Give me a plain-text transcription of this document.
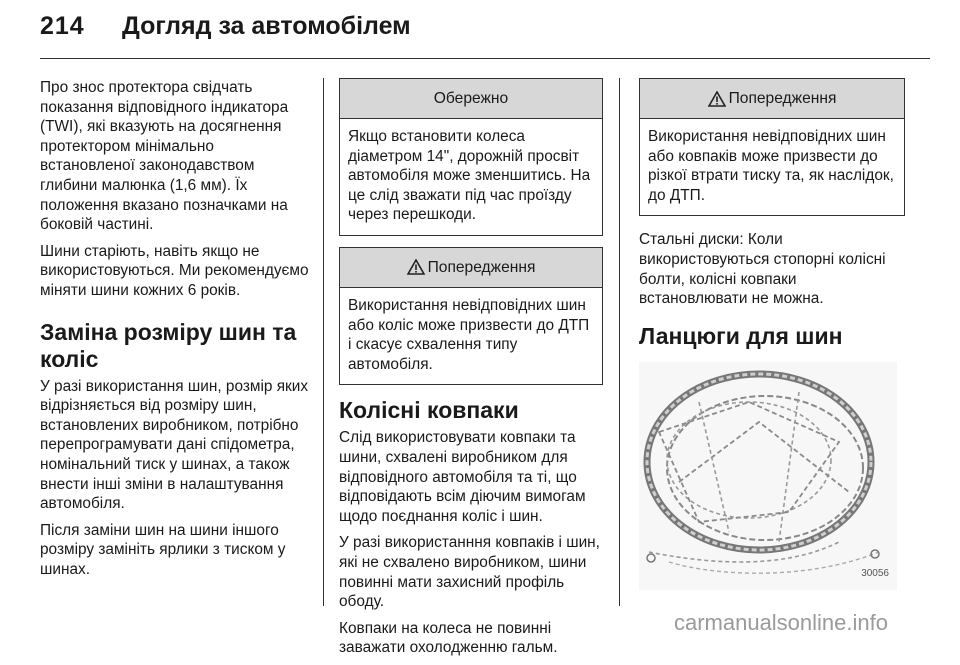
214 Догляд за автомобілем

Про знос протектора свідчать показання відповідного індикатора (TWI), які вказують на досягнення протектором мінімально встановленої законодавством глибини малюнка (1,6 мм). Їх положення вказано позначками на боковій частині.

Шини старіють, навіть якщо не використовуються. Ми рекомендуємо міняти шини кожних 6 років.

Заміна розміру шин та коліс

У разі використання шин, розмір яких відрізняється від розміру шин, встановлених виробником, потрібно перепрограмувати дані спідометра, номінальний тиск у шинах, а також внести інші зміни в налаштування автомобіля.

Після заміни шин на шини іншого розміру замініть ярлики з тиском у шинах.

Обережно
Якщо встановити колеса діаметром 14", дорожній просвіт автомобіля може зменшитись. На це слід зважати під час проїзду через перешкоди.
Попередження
Використання невідповідних шин або коліс може призвести до ДТП і скасує схвалення типу автомобіля.
Колісні ковпаки

Слід використовувати ковпаки та шини, схвалені виробником для відповідного автомобіля та ті, що відповідають всім діючим вимогам щодо поєднання коліс і шин.

У разі використанння ковпаків і шин, які не схвалено виробником, шини повинні мати захисний профіль ободу.

Ковпаки на колеса не повинні заважати охолодженню гальм.

Попередження
Використання невідповідних шин або ковпаків може призвести до різкої втрати тиску та, як наслідок, до ДТП.

Стальні диски: Коли використовуються стопорні колісні болти, колісні ковпаки встановлювати не можна.

Ланцюги для шин
30056
carmanualsonline.info
